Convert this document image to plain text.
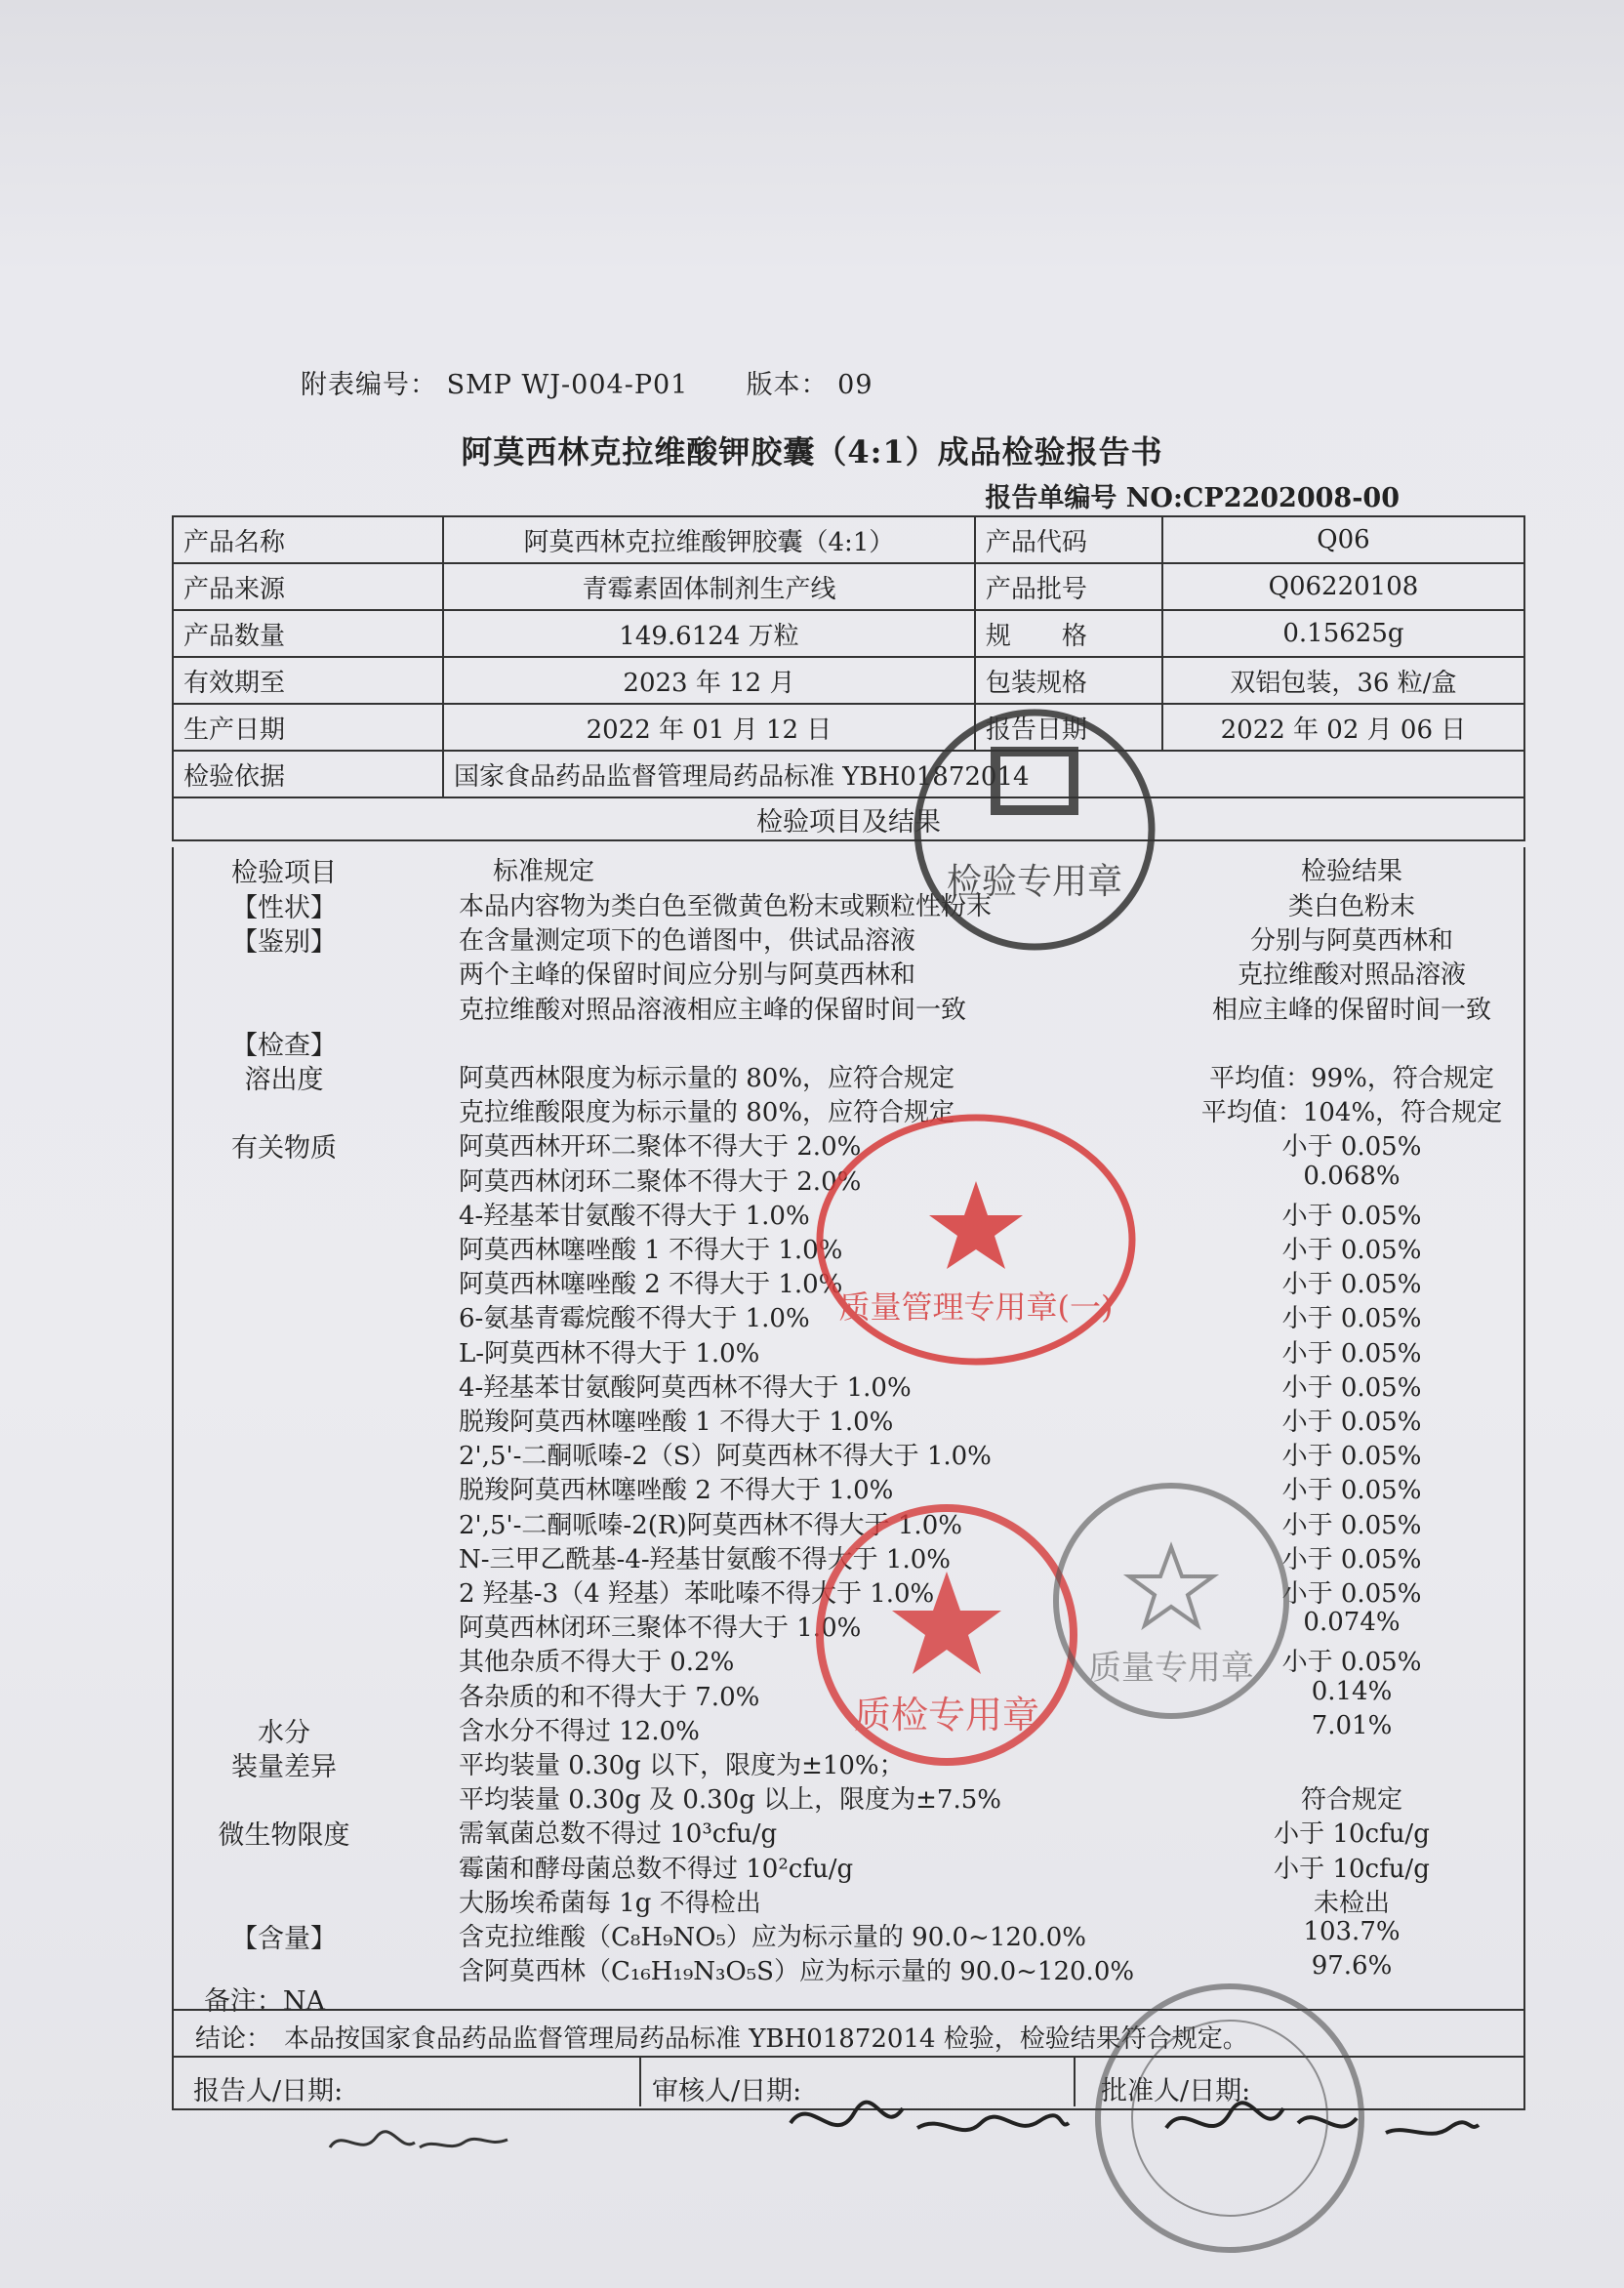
附表编号： SMP WJ-004-P01 版本： 09
阿莫西林克拉维酸钾胶囊（4:1）成品检验报告书
报告单编号 NO:CP2202008-00
产品名称	阿莫西林克拉维酸钾胶囊（4:1）	产品代码	Q06
产品来源	青霉素固体制剂生产线	产品批号	Q06220108
产品数量	149.6124 万粒	规　　格	0.15625g
有效期至	2023 年 12 月	包装规格	双铝包装，36 粒/盒
生产日期	2022 年 01 月 12 日	报告日期	2022 年 02 月 06 日
检验依据	国家食品药品监督管理局药品标准 YBH01872014		
检验项目及结果			
检验项目	标准规定	检验结果
【性状】	本品内容物为类白色至微黄色粉末或颗粒性粉末	类白色粉末
【鉴别】	在含量测定项下的色谱图中，供试品溶液	分别与阿莫西林和
两个主峰的保留时间应分别与阿莫西林和	克拉维酸对照品溶液
克拉维酸对照品溶液相应主峰的保留时间一致	相应主峰的保留时间一致
【检查】
溶出度	阿莫西林限度为标示量的 80%，应符合规定	平均值：99%，符合规定
克拉维酸限度为标示量的 80%，应符合规定	平均值：104%，符合规定
有关物质	阿莫西林开环二聚体不得大于 2.0%	小于 0.05%
阿莫西林闭环二聚体不得大于 2.0%	0.068%
4-羟基苯甘氨酸不得大于 1.0%	小于 0.05%
阿莫西林噻唑酸 1 不得大于 1.0%	小于 0.05%
阿莫西林噻唑酸 2 不得大于 1.0%	小于 0.05%
6-氨基青霉烷酸不得大于 1.0%	小于 0.05%
L-阿莫西林不得大于 1.0%	小于 0.05%
4-羟基苯甘氨酸阿莫西林不得大于 1.0%	小于 0.05%
脱羧阿莫西林噻唑酸 1 不得大于 1.0%	小于 0.05%
2',5'-二酮哌嗪-2（S）阿莫西林不得大于 1.0%	小于 0.05%
脱羧阿莫西林噻唑酸 2 不得大于 1.0%	小于 0.05%
2',5'-二酮哌嗪-2(R)阿莫西林不得大于 1.0%	小于 0.05%
N-三甲乙酰基-4-羟基甘氨酸不得大于 1.0%	小于 0.05%
2 羟基-3（4 羟基）苯吡嗪不得大于 1.0%	小于 0.05%
阿莫西林闭环三聚体不得大于 1.0%	0.074%
其他杂质不得大于 0.2%	小于 0.05%
各杂质的和不得大于 7.0%	0.14%
水分	含水分不得过 12.0%	7.01%
装量差异	平均装量 0.30g 以下，限度为±10%；
平均装量 0.30g 及 0.30g 以上，限度为±7.5%	符合规定
微生物限度	需氧菌总数不得过 10³cfu/g	小于 10cfu/g
霉菌和酵母菌总数不得过 10²cfu/g	小于 10cfu/g
大肠埃希菌每 1g 不得检出	未检出
【含量】	含克拉维酸（C₈H₉NO₅）应为标示量的 90.0~120.0%	103.7%
含阿莫西林（C₁₆H₁₉N₃O₅S）应为标示量的 90.0~120.0%	97.6%
备注：NA
结论：　本品按国家食品药品监督管理局药品标准 YBH01872014 检验，检验结果符合规定。
报告人/日期:	审核人/日期:	批准人/日期:
检验专用章
质量管理专用章(一)
质检专用章
质量专用章
